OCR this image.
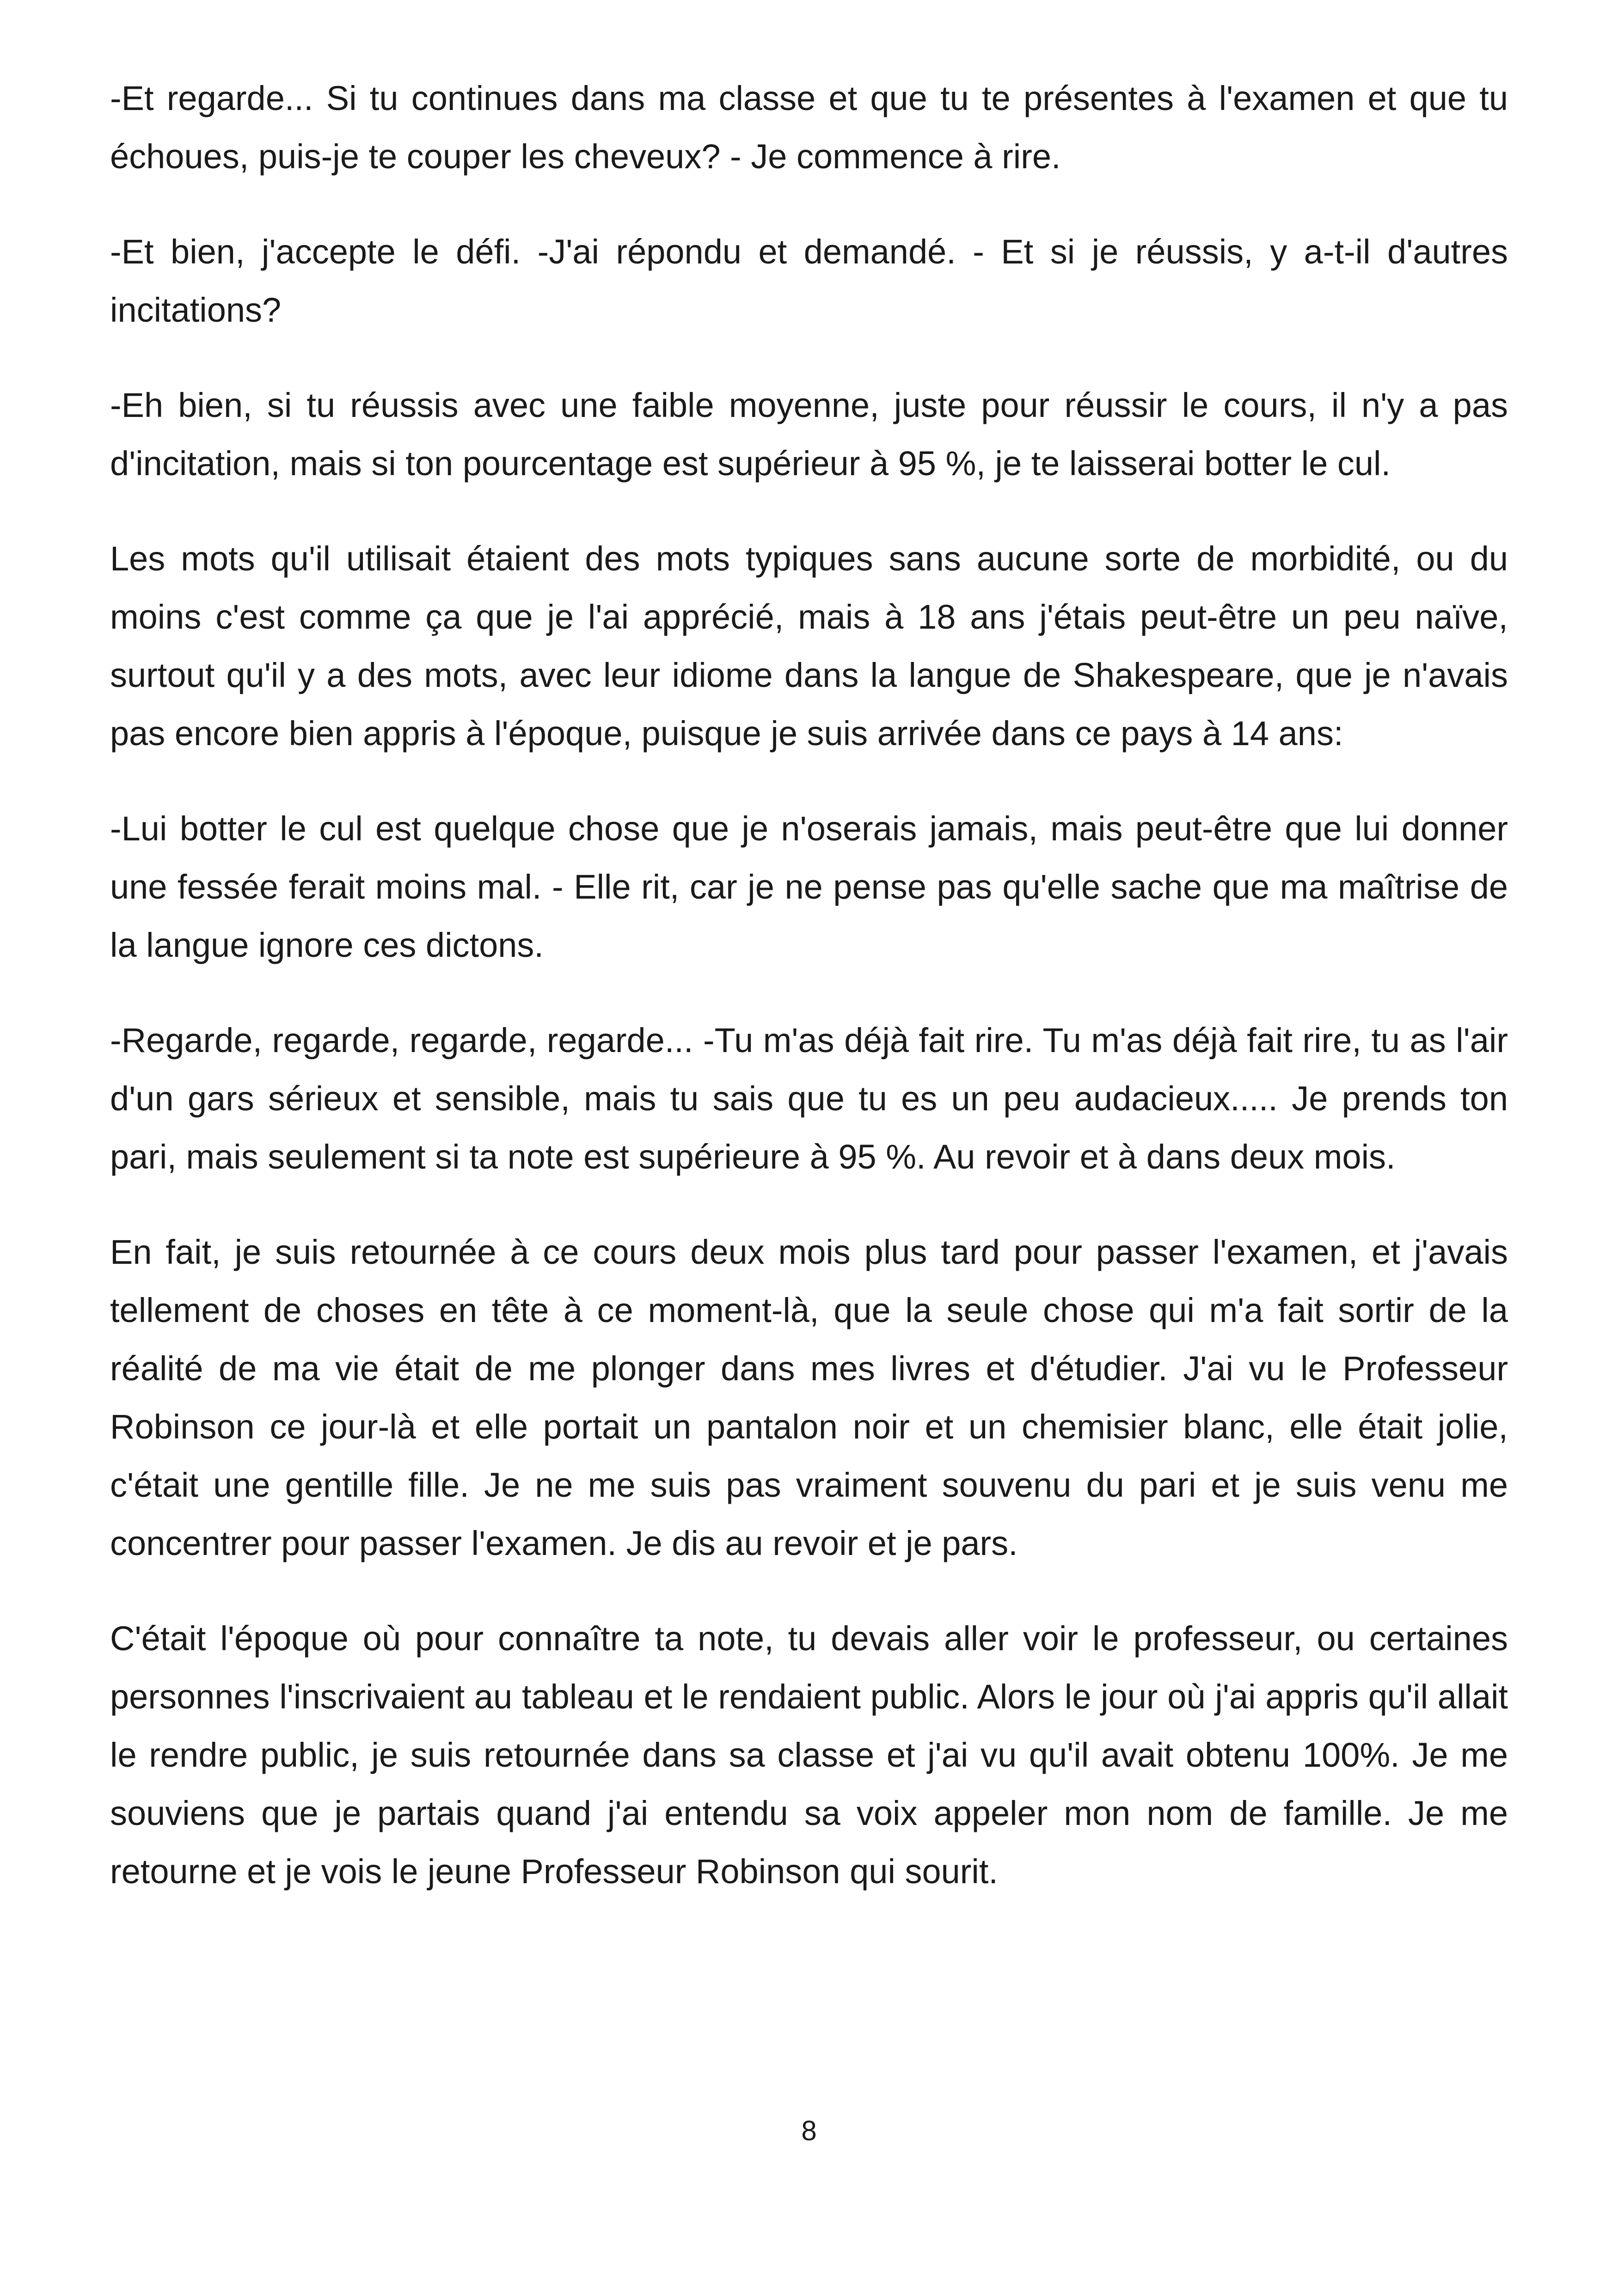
-Et regarde... Si tu continues dans ma classe et que tu te présentes à l'examen et que tu échoues, puis-je te couper les cheveux? - Je commence à rire.

-Et bien, j'accepte le défi. -J'ai répondu et demandé. - Et si je réussis, y a-t-il d'autres incitations?

-Eh bien, si tu réussis avec une faible moyenne, juste pour réussir le cours, il n'y a pas d'incitation, mais si ton pourcentage est supérieur à 95 %, je te laisserai botter le cul.

Les mots qu'il utilisait étaient des mots typiques sans aucune sorte de morbidité, ou du moins c'est comme ça que je l'ai apprécié, mais à 18 ans j'étais peut-être un peu naïve, surtout qu'il y a des mots, avec leur idiome dans la langue de Shakespeare, que je n'avais pas encore bien appris à l'époque, puisque je suis arrivée dans ce pays à 14 ans:

-Lui botter le cul est quelque chose que je n'oserais jamais, mais peut-être que lui donner une fessée ferait moins mal. - Elle rit, car je ne pense pas qu'elle sache que ma maîtrise de la langue ignore ces dictons.

-Regarde, regarde, regarde, regarde... -Tu m'as déjà fait rire. Tu m'as déjà fait rire, tu as l'air d'un gars sérieux et sensible, mais tu sais que tu es un peu audacieux..... Je prends ton pari, mais seulement si ta note est supérieure à 95 %. Au revoir et à dans deux mois.

En fait, je suis retournée à ce cours deux mois plus tard pour passer l'examen, et j'avais tellement de choses en tête à ce moment-là, que la seule chose qui m'a fait sortir de la réalité de ma vie était de me plonger dans mes livres et d'étudier. J'ai vu le Professeur Robinson ce jour-là et elle portait un pantalon noir et un chemisier blanc, elle était jolie, c'était une gentille fille. Je ne me suis pas vraiment souvenu du pari et je suis venu me concentrer pour passer l'examen. Je dis au revoir et je pars.

C'était l'époque où pour connaître ta note, tu devais aller voir le professeur, ou certaines personnes l'inscrivaient au tableau et le rendaient public. Alors le jour où j'ai appris qu'il allait le rendre public, je suis retournée dans sa classe et j'ai vu qu'il avait obtenu 100%. Je me souviens que je partais quand j'ai entendu sa voix appeler mon nom de famille. Je me retourne et je vois le jeune Professeur Robinson qui sourit.

8
